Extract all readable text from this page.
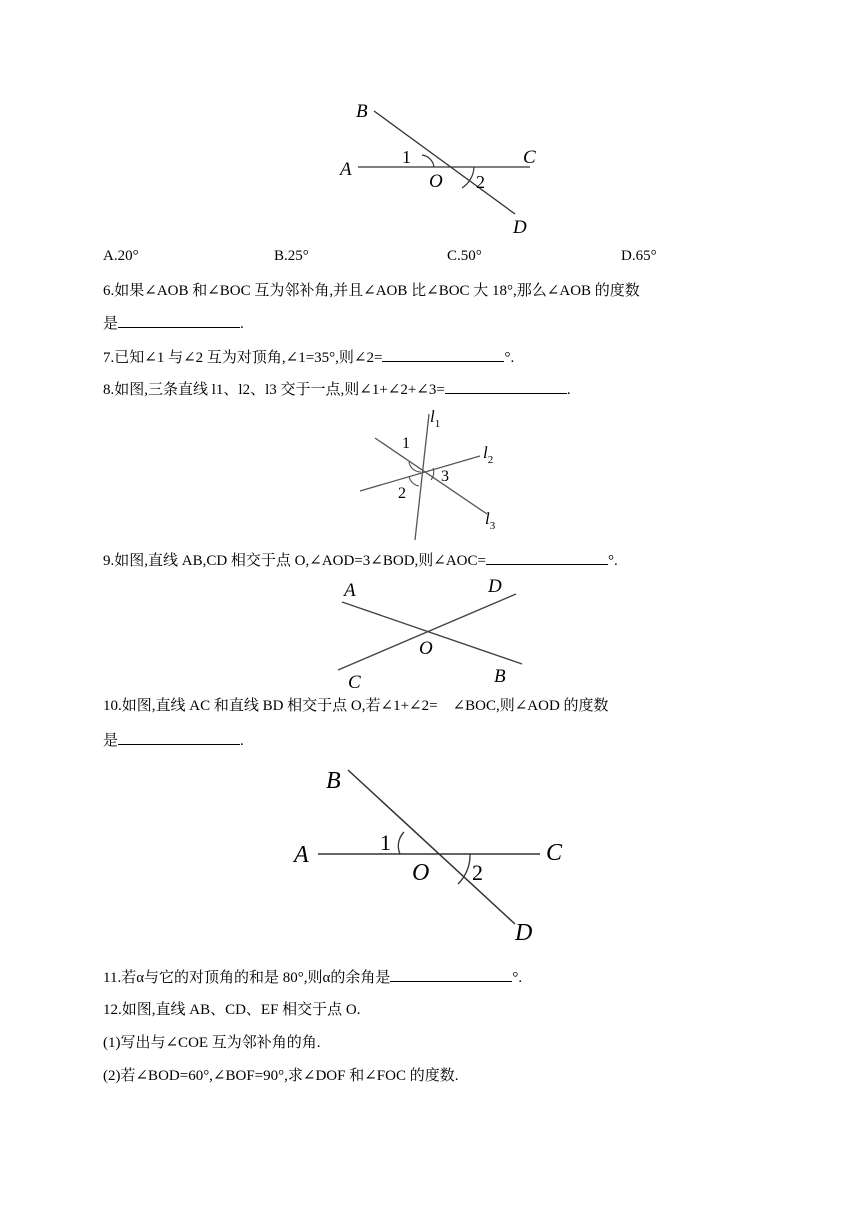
B
A
1	C
O 2
D
A.20°	B.25°	C.50°	D.65°
6.如果∠AOB 和∠BOC 互为邻补角,并且∠AOB 比∠BOC 大 18°,那么∠AOB 的度数
是	.
7.已知∠1 与∠2 互为对顶角,∠1=35°,则∠2=	°.
8.如图,三条直线 l1、l2、l3 交于一点,则∠1+∠2+∠3=	.
$l_1$
$l_2$
$l_3$
1
2
3
9.如图,直线 AB,CD 相交于点 O,∠AOD=3∠BOD,则∠AOC=	°.
A	D
O
C	B
10.如图,直线 AC 和直线 BD 相交于点 O,若∠1+∠2=　∠BOC,则∠AOD 的度数
是	.
B
A	1	C
O 2
D
11.若α与它的对顶角的和是 80°,则α的余角是	°.
12.如图,直线 AB、CD、EF 相交于点 O.
(1)写出与∠COE 互为邻补角的角.
(2)若∠BOD=60°,∠BOF=90°,求∠DOF 和∠FOC 的度数.
